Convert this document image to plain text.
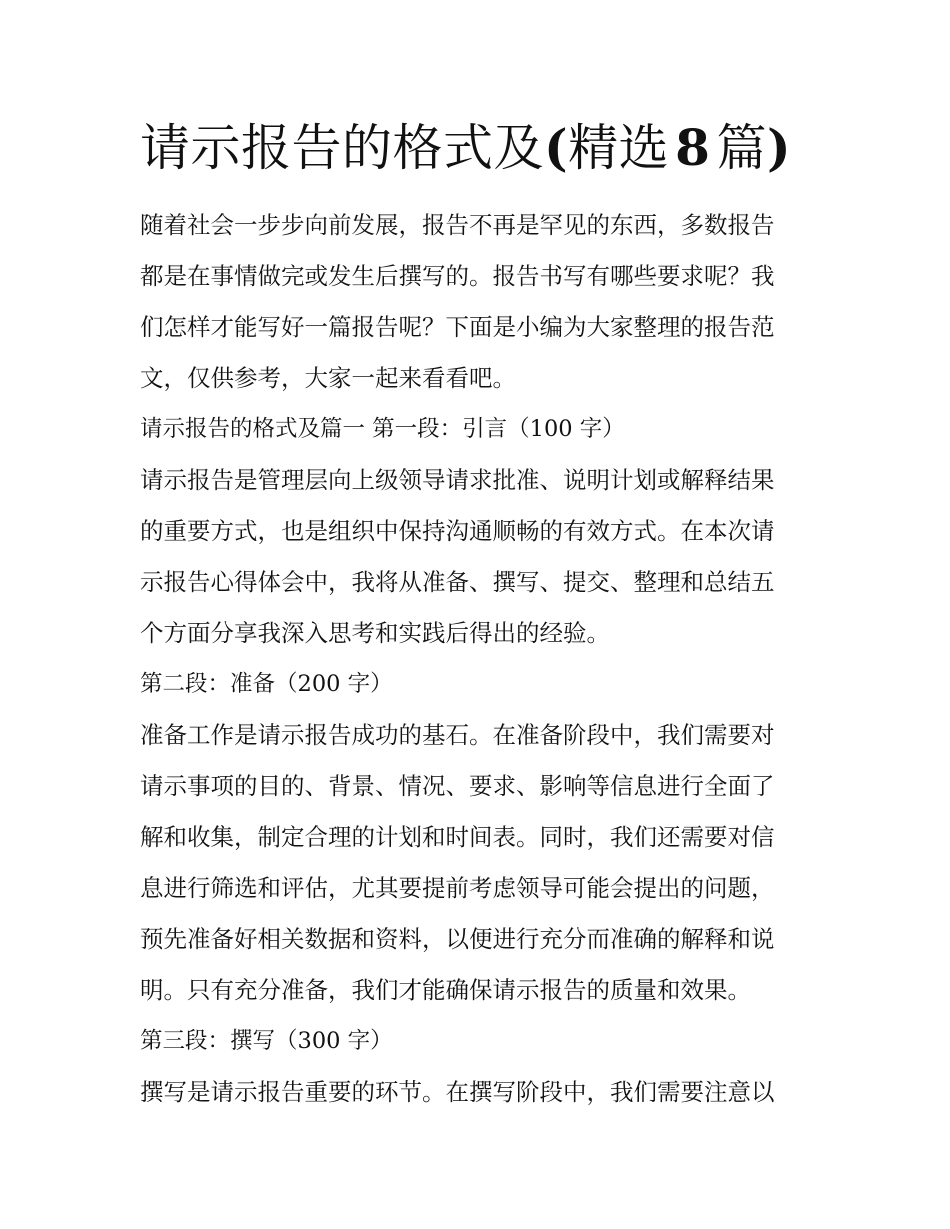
请示报告的格式及(精选 8 篇)
随着社会一步步向前发展，报告不再是罕见的东西，多数报告
都是在事情做完或发生后撰写的。报告书写有哪些要求呢？我
们怎样才能写好一篇报告呢？下面是小编为大家整理的报告范
文，仅供参考，大家一起来看看吧。
请示报告的格式及篇一 第一段：引言（100 字）
请示报告是管理层向上级领导请求批准、说明计划或解释结果
的重要方式，也是组织中保持沟通顺畅的有效方式。在本次请
示报告心得体会中，我将从准备、撰写、提交、整理和总结五
个方面分享我深入思考和实践后得出的经验。
第二段：准备（200 字）
准备工作是请示报告成功的基石。在准备阶段中，我们需要对
请示事项的目的、背景、情况、要求、影响等信息进行全面了
解和收集，制定合理的计划和时间表。同时，我们还需要对信
息进行筛选和评估，尤其要提前考虑领导可能会提出的问题，
预先准备好相关数据和资料，以便进行充分而准确的解释和说
明。只有充分准备，我们才能确保请示报告的质量和效果。
第三段：撰写（300 字）
撰写是请示报告重要的环节。在撰写阶段中，我们需要注意以
